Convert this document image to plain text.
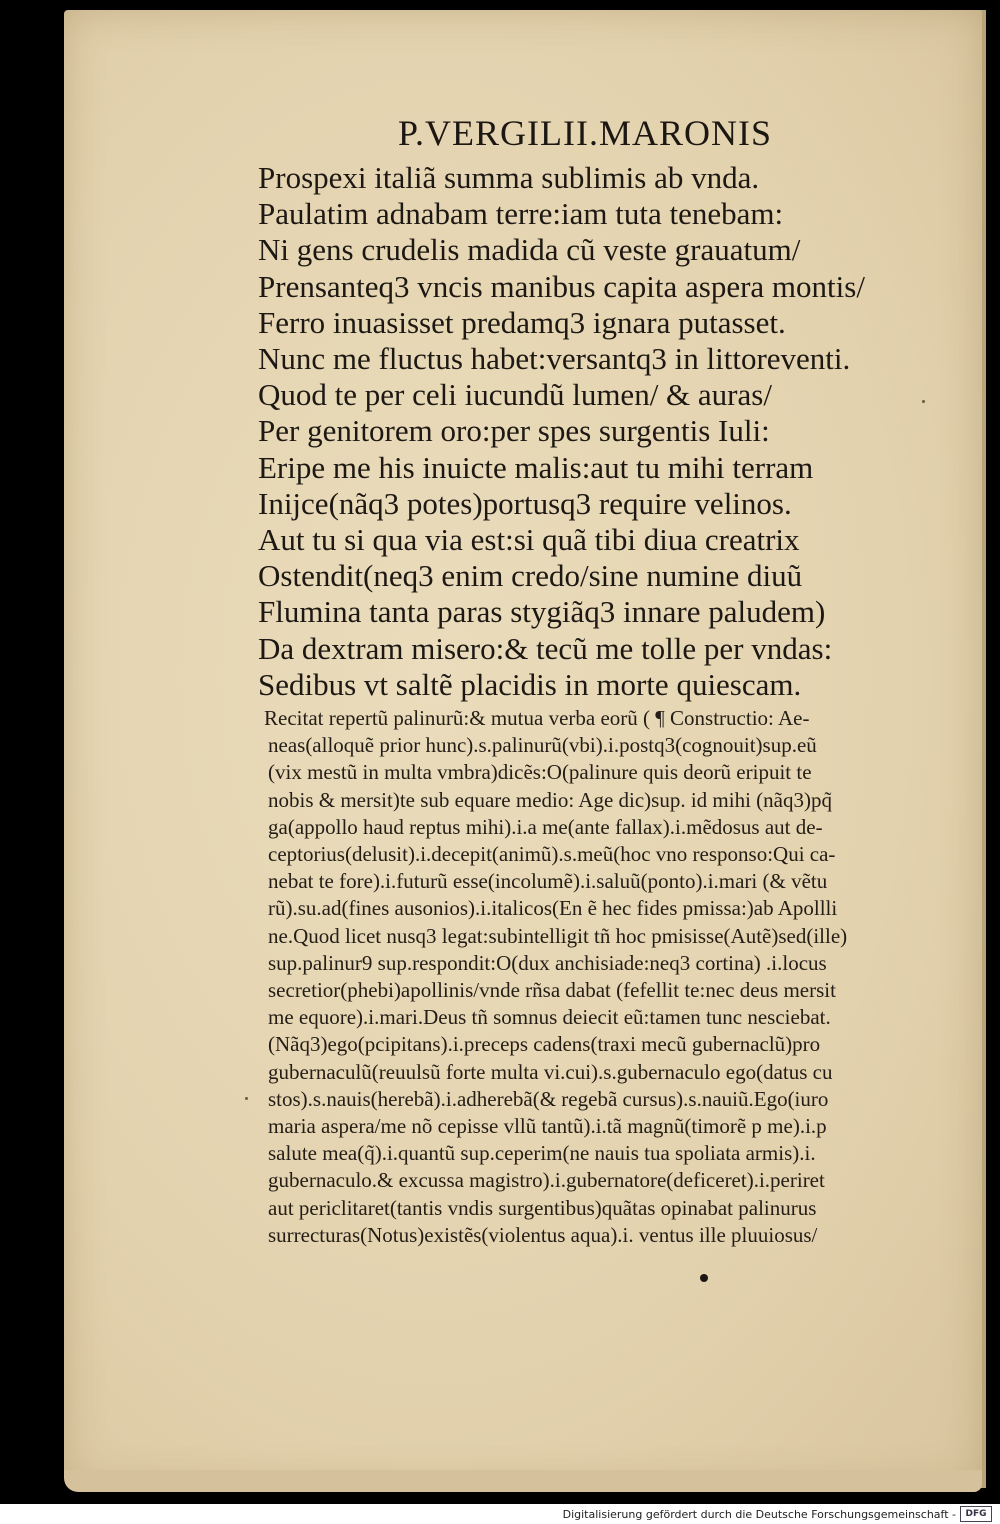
P.VERGILII.MARONIS
Prospexi italiã summa sublimis ab vnda.
Paulatim adnabam terre:iam tuta tenebam:
Ni gens crudelis madida cũ veste grauatum/
Prensanteq3 vncis manibus capita aspera montis/
Ferro inuasisset predamq3 ignara putasset.
Nunc me fluctus habet:versantq3 in littoreventi.
Quod te per celi iucundũ lumen/ & auras/
Per genitorem oro:per spes surgentis Iuli:
Eripe me his inuicte malis:aut tu mihi terram
Iniјce(nãq3 potes)portusq3 require velinos.
Aut tu si qua via est:si quã tibi diua creatrix
Ostendit(neq3 enim credo/sine numine diuũ
Flumina tanta paras stygiãq3 innare paludem)
Da dextram misero:& tecũ me tolle per vndas:
Sedibus vt saltẽ placidis in morte quiescam.
Recitat repertũ palinurũ:& mutua verba eorũ ( ¶ Constructio: Ae-
neas(alloquẽ prior hunc).s.palinurũ(vbi).i.postq3(cognouit)sup.eũ
(vix mestũ in multa vmbra)dicẽs:O(palinure quis deorũ eripuit te
nobis & mersit)te sub equare medio: Age dic)sup. id mihi (nãq3)pq̃
ga(appollo haud reptus mihi).i.a me(ante fallax).i.mẽdosus aut de-
ceptorius(delusit).i.decepit(animũ).s.meũ(hoc vno responso:Qui ca-
nebat te fore).i.futurũ esse(incolumẽ).i.saluũ(ponto).i.mari (& vẽtu
rũ).su.ad(fines ausonios).i.italicos(En ẽ hec fides pmissa:)ab Apollli
ne.Quod licet nusq3 legat:subintelligit tñ hoc pmisisse(Autẽ)sed(ille)
sup.palinur9 sup.respondit:O(dux anchisiade:neq3 cortina) .i.locus
secretior(phebi)apollinis/vnde rñsa dabat (fefellit te:nec deus mersit
me equore).i.mari.Deus tñ somnus deiecit eũ:tamen tunc nesciebat.
(Nãq3)ego(pcipitans).i.preceps cadens(traxi mecũ gubernaclũ)pro
gubernaculũ(reuulsũ forte multa vi.cui).s.gubernaculo ego(datus cu
stos).s.nauis(herebã).i.adherebã(& regebã cursus).s.nauiũ.Ego(iuro
maria aspera/me nõ cepisse vllũ tantũ).i.tã magnũ(timorẽ p me).i.p
salute mea(q̃).i.quantũ sup.ceperim(ne nauis tua spoliata armis).i.
gubernaculo.& excussa magistro).i.gubernatore(deficeret).i.periret
aut periclitaret(tantis vndis surgentibus)quãtas opinabat palinurus
surrecturas(Notus)existẽs(violentus aqua).i. ventus ille pluuiosus/
Digitalisierung gefördert durch die Deutsche Forschungsgemeinschaft -	DFG
